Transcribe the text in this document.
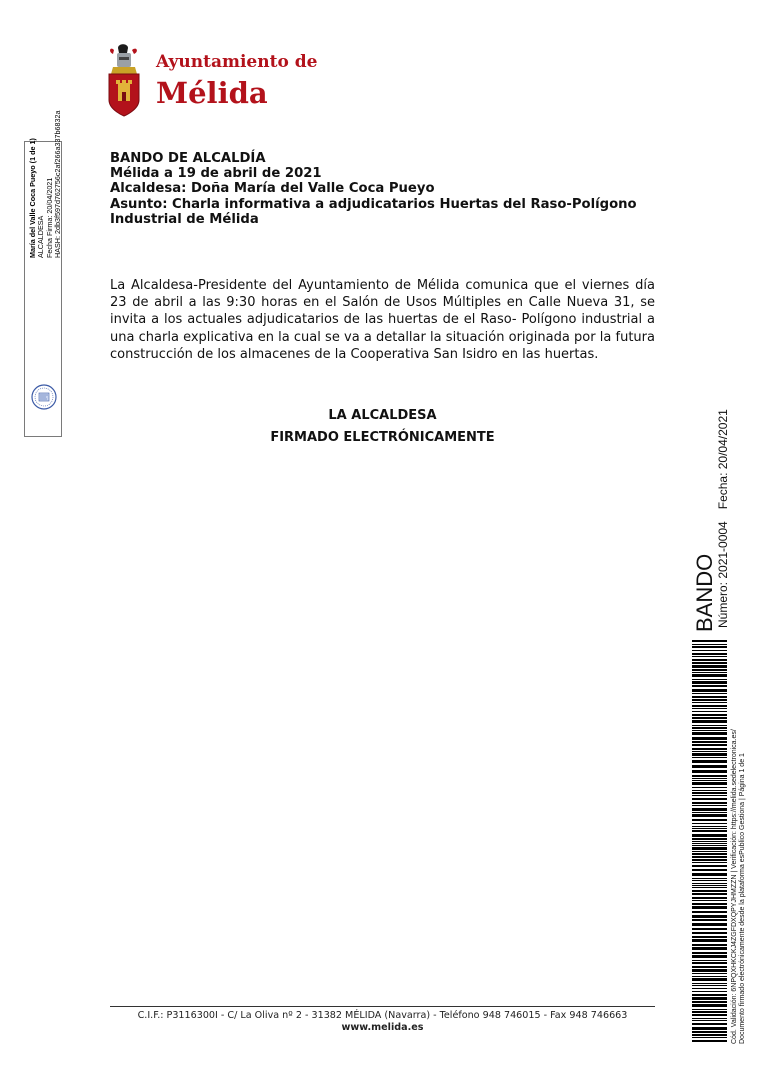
Ayuntamiento de
Mélida
María del Valle Coca Pueyo (1 de 1) ALCALDESA Fecha Firma: 20/04/2021 HASH: 2db3f597d762756c2af266a337b6832a	BANDO DE ALCALDÍA
Mélida a 19 de abril de 2021
Alcaldesa: Doña María del Valle Coca Pueyo
Asunto: Charla informativa a adjudicatarios Huertas del Raso-Polígono Industrial de Mélida
La Alcaldesa-Presidente del Ayuntamiento de Mélida comunica que el viernes día 23 de abril a las 9:30 horas en el Salón de Usos Múltiples en Calle Nueva 31, se invita a los actuales adjudicatarios de las huertas de el Raso- Polígono industrial a una charla explicativa en la cual se va a detallar la situación originada por la futura construcción de los almacenes de la Cooperativa San Isidro en las huertas.
LA ALCALDESA
FIRMADO ELECTRÓNICAMENTE
BANDO Número: 2021-0004Fecha: 20/04/2021
Cód. Validación: 6NPQXHKCKJ4ZGFDXQPYJHMZZN | Verificación: https://melida.sedelectronica.es/ Documento firmado electrónicamente desde la plataforma esPublico Gestiona | Página 1 de 1
C.I.F.: P3116300I - C/ La Oliva nº 2 - 31382 MÉLIDA (Navarra) - Teléfono 948 746015 - Fax 948 746663
www.melida.es
